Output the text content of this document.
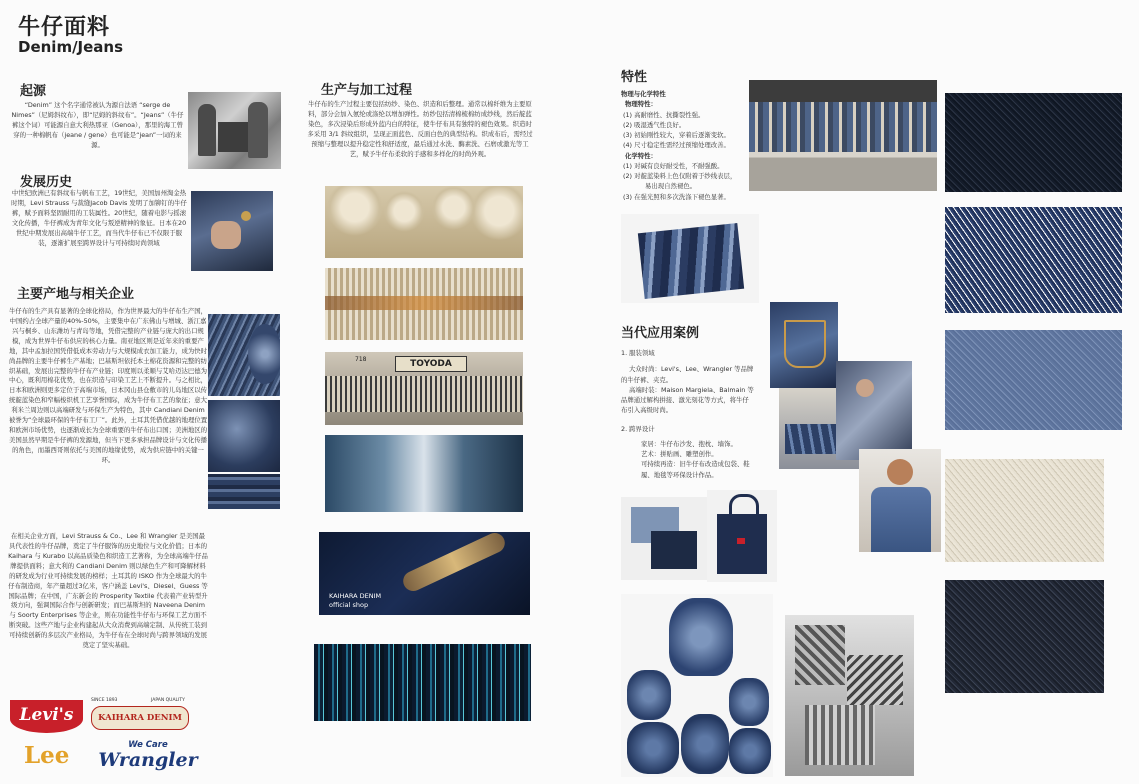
牛仔面料
Denim/Jeans
起源
“Denim” 这个名字通常被认为源自法语 “serge de Nimes”（尼姆斜纹布），即“尼姆的斜纹布”。“Jeans”（牛仔裤这个词）可能源自意大利热那亚（Genoa），那里的海工曾穿的一种棉帆布（jeane / gene）也可能是“jean”一词的来源。
发展历史
中世纪欧洲已有斜纹布与帆布工艺，19世纪，美国加州淘金热时期，Levi Strauss 与裁缝Jacob Davis 发明了加铆钉的牛仔裤，赋予面料坚固耐用的工装属性。20世纪，随着电影与摇滚文化传播，牛仔裤成为青年文化与叛逆精神的象征。日本在20世纪中期发展出高端牛仔工艺，而当代牛仔布已不仅限于服装，逐渐扩展至跨界设计与可持续时尚领域
主要产地与相关企业
牛仔布的生产具有显著的全球化格局，作为世界最大的牛仔布生产国，中国约占全球产量的40%-50%，主要集中在广东佛山与增城、浙江嘉兴与桐乡、山东潍坊与青岛等地，凭借完整的产业链与庞大的出口规模，成为世界牛仔布供应的核心力量。南亚地区则是近年来的重要产地，其中孟加拉国凭借低成本劳动力与大规模成衣加工能力，成为快时尚品牌的主要牛仔裤生产基地；巴基斯坦依托本土棉花资源和完整的纺织基础，发展出完整的牛仔布产业链；印度则以柔顺与艾哈迈达巴德为中心，既利用棉花优势，也在织造与印染工艺上不断提升。与之相比，日本和欧洲则更多定位于高端市场，日本冈山县仓敷市的儿岛地区以传统靛蓝染色和窄幅梭织机工艺享誉国际，成为牛仔布工艺的象征；意大利米兰周边则以高端研发与环保生产为特色，其中 Candiani Denim 被誉为“全球最环保的牛仔布工厂”。此外，土耳其凭借优越的地理位置和欧洲市场优势，也逐渐成长为全球重要的牛仔布出口国；美洲地区的美国虽然早期是牛仔裤的发源地，但当下更多承担品牌设计与文化传播的角色，而墨西哥则依托与美国的地缘优势，成为供应链中的关键一环。
在相关企业方面，Levi Strauss & Co.、Lee 和 Wrangler 是美国最具代表性的牛仔品牌，奠定了牛仔服饰的历史地位与文化价值；日本的 Kaihara 与 Kurabo 以高品质染色和织造工艺著称，为全球高端牛仔品牌提供面料；意大利的 Candiani Denim 则以绿色生产和可降解材料的研发成为行业可持续发展的榜样；土耳其的 ISKO 作为全球最大的牛仔布制造商，年产量超过3亿米，客户涵盖 Levi's、Diesel、Guess 等国际品牌；在中国，广东新会的 Prosperity Textile 代表着产业转型升级方向，强调国际合作与创新研发；而巴基斯坦的 Naveena Denim 与 Soorty Enterprises 等企业，则在功能性牛仔布与环保工艺方面不断突破。这些产地与企业构建起从大众消费到高端定制、从传统工装到可持续创新的多层次产业格局，为牛仔布在全球时尚与跨界领域的发展奠定了坚实基础。
Levi's
SINCE 1893	JAPAN QUALITY
KAIHARA DENIM
Lee	We Care
Wrangler
生产与加工过程
牛仔布的生产过程主要包括纺纱、染色、织造和后整理。通常以棉纤维为主要原料，部分会加入氨纶或涤纶以增加弹性。纺纱包括清棉梳棉纺成纱线，然后靛蓝染色，多次浸染后形成外蓝内白的特征，使牛仔布具有独特的褪色效果。织造时多采用 3/1 斜纹组织，呈现正面蓝色、反面白色的典型结构。织成布后，需经过预缩与整理以提升稳定性和舒适度，最后通过水洗、酶素洗、石磨或激光等工艺，赋予牛仔布柔软的手感和多样化的时尚外观。
TOYODA
718
KAIHARA DENIM
official shop
特性
物理与化学特性
物理特性：
(1) 高耐磨性、抗撕裂性强。
(2) 吸湿透气性良好。
(3) 初始刚性较大，穿着后逐渐变软。
(4) 尺寸稳定性需经过预缩处理改善。
化学特性：
(1) 对碱有良好耐受性，不耐强酸。
(2) 对靛蓝染料上色仅附着于纱线表层，
易出现自然褪色。
(3) 在强光照和多次洗涤下褪色显著。
当代应用案例
1. 服装领域
大众时尚：Levi's、Lee、Wrangler 等品牌
的牛仔裤、夹克。
高端时装：Maison Margiela、Balmain 等
品牌通过解构拼接、激光刻花等方式，将牛仔
布引入高级时尚。
2. 跨界设计
家居：牛仔布沙发、抱枕、墙饰。
艺术：拼贴画、雕塑创作。
可持续再造：旧牛仔布改造成包袋、鞋
履、地毯等环保设计作品。
